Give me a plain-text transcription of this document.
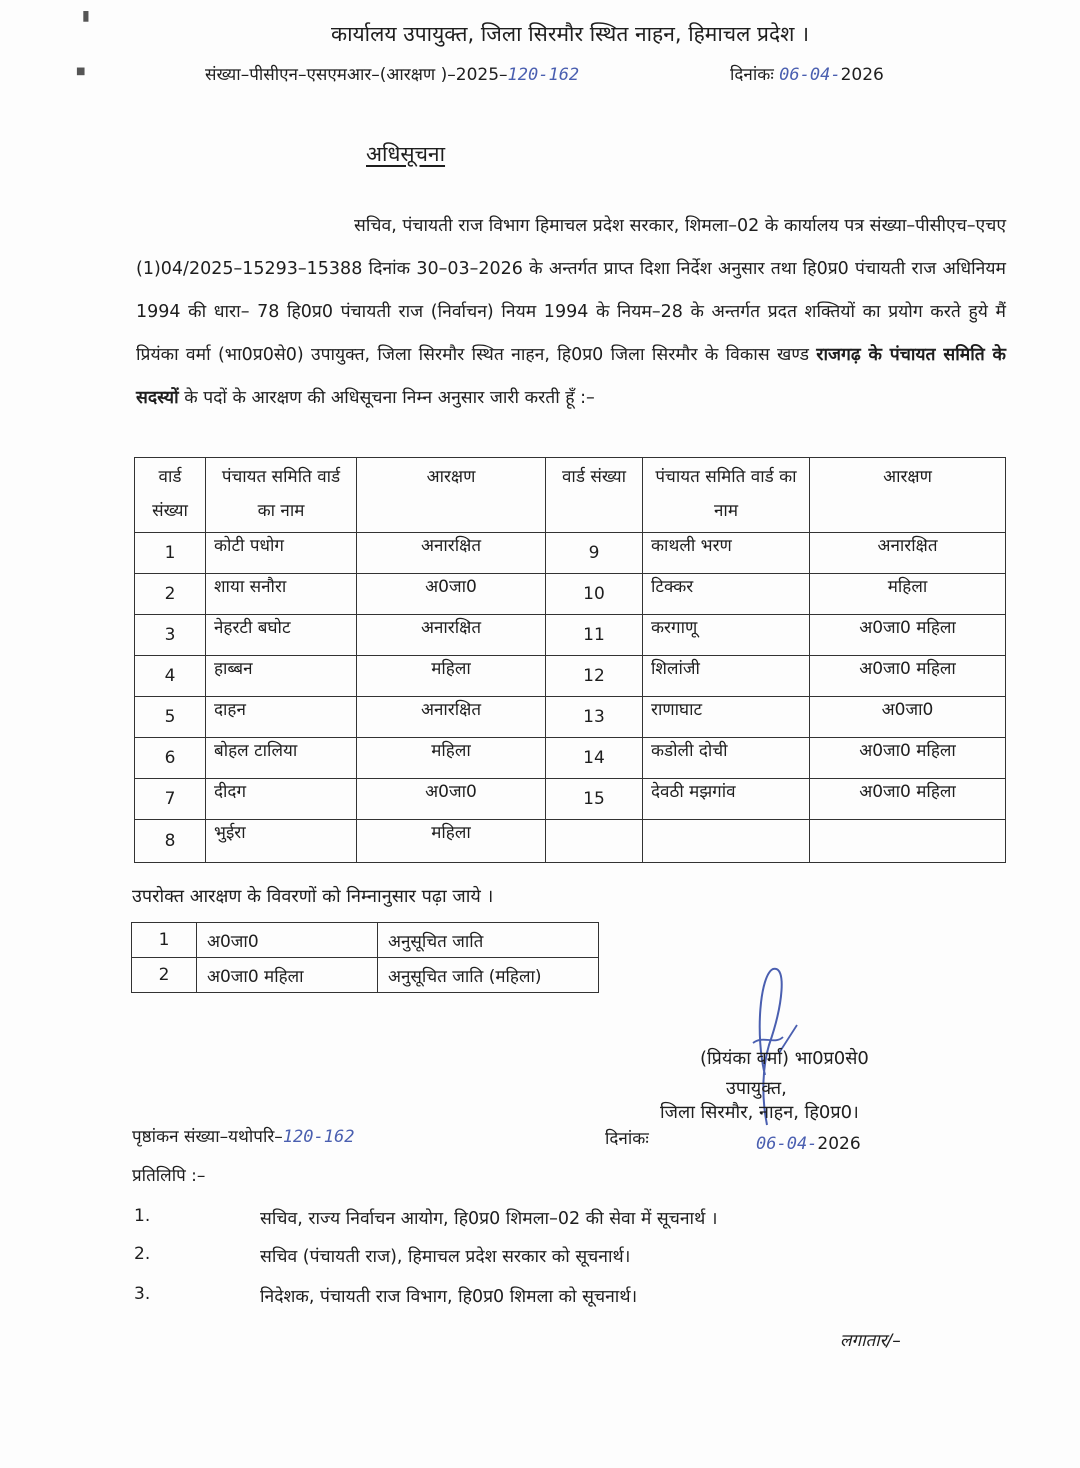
▮
■
कार्यालय उपायुक्त, जिला सिरमौर स्थित नाहन, हिमाचल प्रदेश ।
संख्या–पीसीएन–एसएमआर–(आरक्षण )–2025–120-162	दिनांकः 06-04-2026
अधिसूचना
सचिव, पंचायती राज विभाग हिमाचल प्रदेश सरकार, शिमला–02 के कार्यालय पत्र संख्या–पीसीएच–एचए (1)04/2025–15293–15388 दिनांक 30–03–2026 के अन्तर्गत प्राप्त दिशा निर्देश अनुसार तथा हि0प्र0 पंचायती राज अधिनियम 1994 की धारा– 78 हि0प्र0 पंचायती राज (निर्वाचन) नियम 1994 के नियम–28 के अन्तर्गत प्रदत शक्तियों का प्रयोग करते हुये मैं प्रियंका वर्मा (भा0प्र0से0) उपायुक्त, जिला सिरमौर स्थित नाहन, हि0प्र0 जिला सिरमौर के विकास खण्ड राजगढ़ के पंचायत समिति के सदस्यों के पदों के आरक्षण की अधिसूचना निम्न अनुसार जारी करती हूँ :–
वार्ड संख्या	पंचायत समिति वार्ड का नाम	आरक्षण	वार्ड संख्या	पंचायत समिति वार्ड का नाम	आरक्षण
1	कोटी पधोग	अनारक्षित	9	काथली भरण	अनारक्षित
2	शाया सनौरा	अ0जा0	10	टिक्कर	महिला
3	नेहरटी बघोट	अनारक्षित	11	करगाणू	अ0जा0 महिला
4	हाब्बन	महिला	12	शिलांजी	अ0जा0 महिला
5	दाहन	अनारक्षित	13	राणाघाट	अ0जा0
6	बोहल टालिया	महिला	14	कडोली दोची	अ0जा0 महिला
7	दीदग	अ0जा0	15	देवठी मझगांव	अ0जा0 महिला
8	भुईरा	महिला			
उपरोक्त आरक्षण के विवरणों को निम्नानुसार पढ़ा जाये ।
1	अ0जा0	अनुसूचित जाति
2	अ0जा0 महिला	अनुसूचित जाति (महिला)
(प्रियंका वर्मा) भा0प्र0से0
उपायुक्त,
जिला सिरमौर, नाहन, हि0प्र0।
पृष्ठांकन संख्या–यथोपरि–120-162	दिनांकः	06-04-2026
प्रतिलिपि :–
1.	सचिव, राज्य निर्वाचन आयोग, हि0प्र0 शिमला–02 की सेवा में सूचनार्थ ।
2.	सचिव (पंचायती राज), हिमाचल प्रदेश सरकार को सूचनार्थ।
3.	निदेशक, पंचायती राज विभाग, हि0प्र0 शिमला को सूचनार्थ।
लगातार/–
